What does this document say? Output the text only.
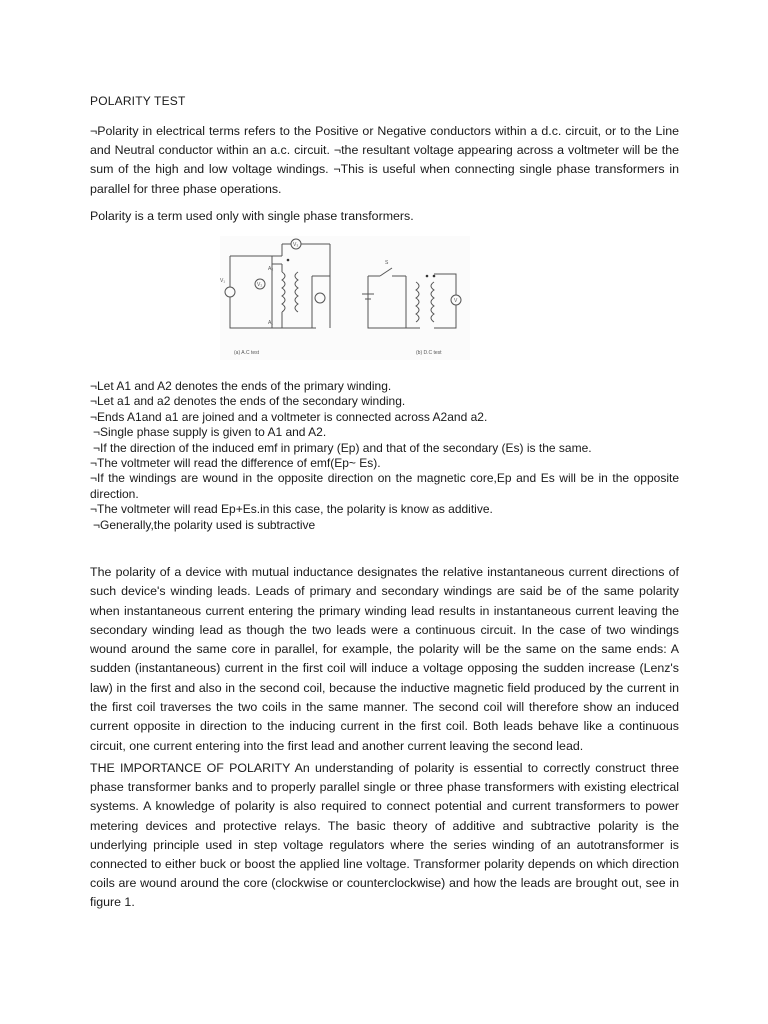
POLARITY TEST

¬Polarity in electrical terms refers to the Positive or Negative conductors within a d.c. circuit, or to the Line and Neutral conductor within an a.c. circuit. ¬the resultant voltage appearing across a voltmeter will be the sum of the high and low voltage windings. ¬This is useful when connecting single phase transformers in parallel for three phase operations.

Polarity is a term used only with single phase transformers.

V₁
V₂
V₃
A₁
A₂
S
V
(a) A.C test	(b) D.C test
¬Let A1 and A2 denotes the ends of the primary winding.
¬Let a1 and a2 denotes the ends of the secondary winding.
¬Ends A1and a1 are joined and a voltmeter is connected across A2and a2.
¬Single phase supply is given to A1 and A2.
¬If the direction of the induced emf in primary (Ep) and that of the secondary (Es) is the same.
¬The voltmeter will read the difference of emf(Ep~ Es).
¬If the windings are wound in the opposite direction on the magnetic core,Ep and Es will be in the opposite direction.
¬The voltmeter will read Ep+Es.in this case, the polarity is know as additive.
¬Generally,the polarity used is subtractive

The polarity of a device with mutual inductance designates the relative instantaneous current directions of such device's winding leads. Leads of primary and secondary windings are said be of the same polarity when instantaneous current entering the primary winding lead results in instantaneous current leaving the secondary winding lead as though the two leads were a continuous circuit. In the case of two windings wound around the same core in parallel, for example, the polarity will be the same on the same ends: A sudden (instantaneous) current in the first coil will induce a voltage opposing the sudden increase (Lenz's law) in the first and also in the second coil, because the inductive magnetic field produced by the current in the first coil traverses the two coils in the same manner. The second coil will therefore show an induced current opposite in direction to the inducing current in the first coil. Both leads behave like a continuous circuit, one current entering into the first lead and another current leaving the second lead.

THE IMPORTANCE OF POLARITY An understanding of polarity is essential to correctly construct three phase transformer banks and to properly parallel single or three phase transformers with existing electrical systems. A knowledge of polarity is also required to connect potential and current transformers to power metering devices and protective relays. The basic theory of additive and subtractive polarity is the underlying principle used in step voltage regulators where the series winding of an autotransformer is connected to either buck or boost the applied line voltage. Transformer polarity depends on which direction coils are wound around the core (clockwise or counterclockwise) and how the leads are brought out, see in figure 1.
